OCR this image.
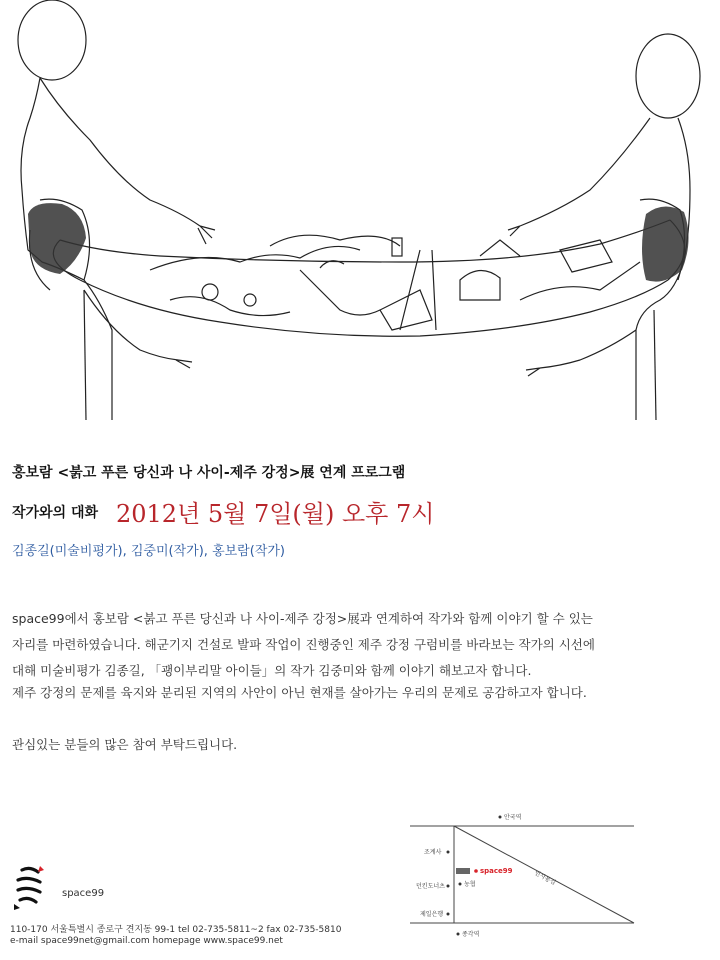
홍보람 <붉고 푸른 당신과 나 사이-제주 강정>展 연계 프로그램
작가와의 대화 2012년 5월 7일(월) 오후 7시
김종길(미술비평가), 김중미(작가), 홍보람(작가)
space99에서 홍보람 <붉고 푸른 당신과 나 사이-제주 강정>展과 연계하여 작가와 함께 이야기 할 수 있는
자리를 마련하였습니다. 해군기지 건설로 발파 작업이 진행중인 제주 강정 구럼비를 바라보는 작가의 시선에
대해 미술비평가 김종길, 「괭이부리말 아이들」의 작가 김중미와 함께 이야기 해보고자 합니다.
제주 강정의 문제를 육지와 분리된 지역의 사안이 아닌 현재를 살아가는 우리의 문제로 공감하고자 합니다.
관심있는 분들의 많은 참여 부탁드립니다.
space99
110-170 서울특별시 종로구 견지동 99-1 tel 02-735-5811~2 fax 02-735-5810
e-mail space99net@gmail.com homepage www.space99.net
space99
안국역
조계사
던킨도너츠	농협
제일은행
종각역
인사동길
